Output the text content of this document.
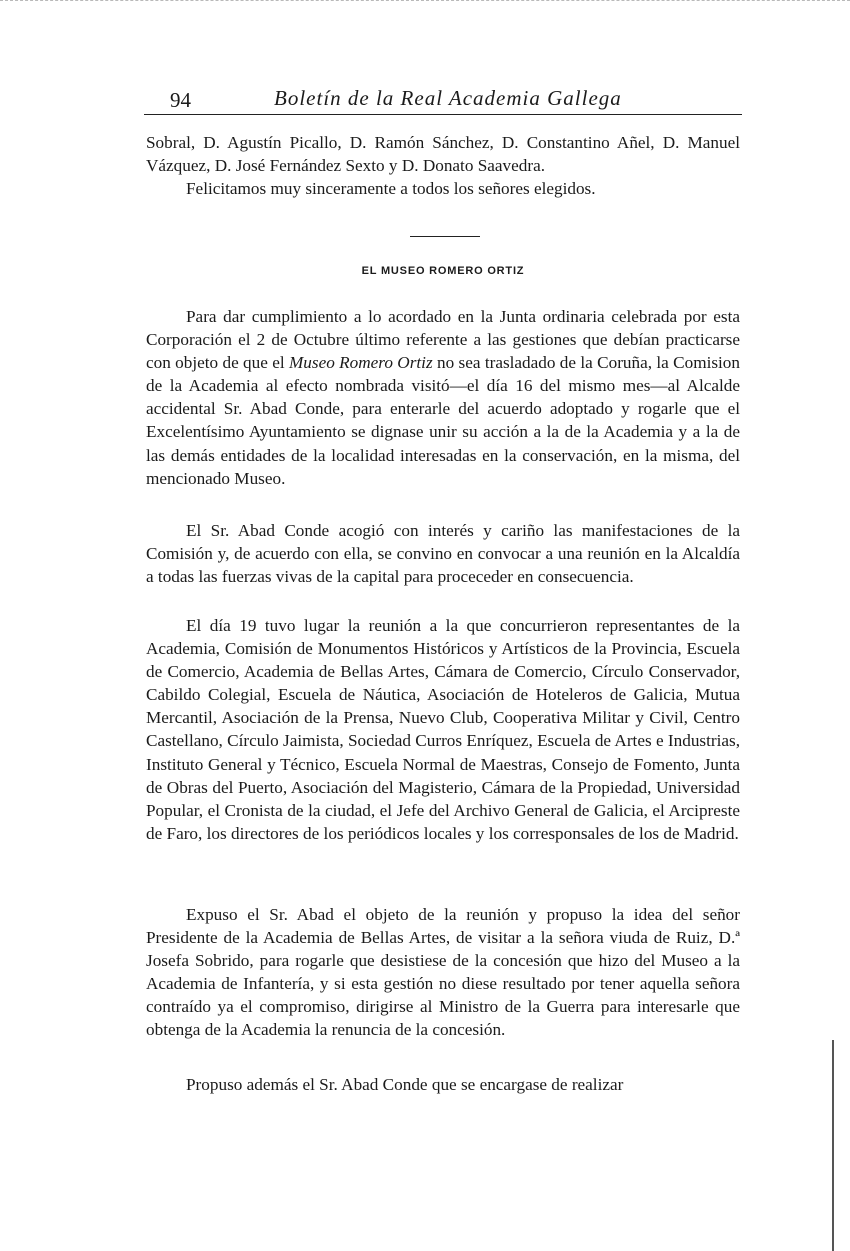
94	Boletín de la Real Academia Gallega
Sobral, D. Agustín Picallo, D. Ramón Sánchez, D. Constantino Añel, D. Manuel Vázquez, D. José Fernández Sexto y D. Donato Saavedra.
Felicitamos muy sinceramente a todos los señores elegidos.
EL MUSEO ROMERO ORTIZ

Para dar cumplimiento a lo acordado en la Junta ordinaria celebrada por esta Corporación el 2 de Octubre último referente a las gestiones que debían practicarse con objeto de que el Museo Romero Ortiz no sea trasladado de la Coruña, la Comision de la Academia al efecto nombrada visitó—el día 16 del mismo mes—al Alcalde accidental Sr. Abad Conde, para enterarle del acuerdo adoptado y rogarle que el Excelentísimo Ayuntamiento se dignase unir su acción a la de la Academia y a la de las demás entidades de la localidad interesadas en la conservación, en la misma, del mencionado Museo.

El Sr. Abad Conde acogió con interés y cariño las manifestaciones de la Comisión y, de acuerdo con ella, se convino en convocar a una reunión en la Alcaldía a todas las fuerzas vivas de la capital para procecеder en consecuencia.

El día 19 tuvo lugar la reunión a la que concurrieron representantes de la Academia, Comisión de Monumentos Históricos y Artísticos de la Provincia, Escuela de Comercio, Academia de Bellas Artes, Cámara de Comercio, Círculo Conservador, Cabildo Colegial, Escuela de Náutica, Asociación de Hoteleros de Galicia, Mutua Mercantil, Asociación de la Prensa, Nuevo Club, Cooperativa Militar y Civil, Centro Castellano, Círculo Jaimista, Sociedad Curros Enríquez, Escuela de Artes e Industrias, Instituto General y Técnico, Escuela Normal de Maestras, Consejo de Fomento, Junta de Obras del Puerto, Asociación del Magisterio, Cámara de la Propiedad, Universidad Popular, el Cronista de la ciudad, el Jefe del Archivo General de Galicia, el Arcipreste de Faro, los directores de los periódicos locales y los corresponsales de los de Madrid.

Expuso el Sr. Abad el objeto de la reunión y propuso la idea del señor Presidente de la Academia de Bellas Artes, de visitar a la señora viuda de Ruiz, D.ª Josefa Sobrido, para rogarle que desistiese de la concesión que hizo del Museo a la Academia de Infantería, y si esta gestión no diese resultado por tener aquella señora contraído ya el compromiso, dirigirse al Ministro de la Guerra para interesarle que obtenga de la Academia la renuncia de la concesión.

Propuso además el Sr. Abad Conde que se encargase de realizar
